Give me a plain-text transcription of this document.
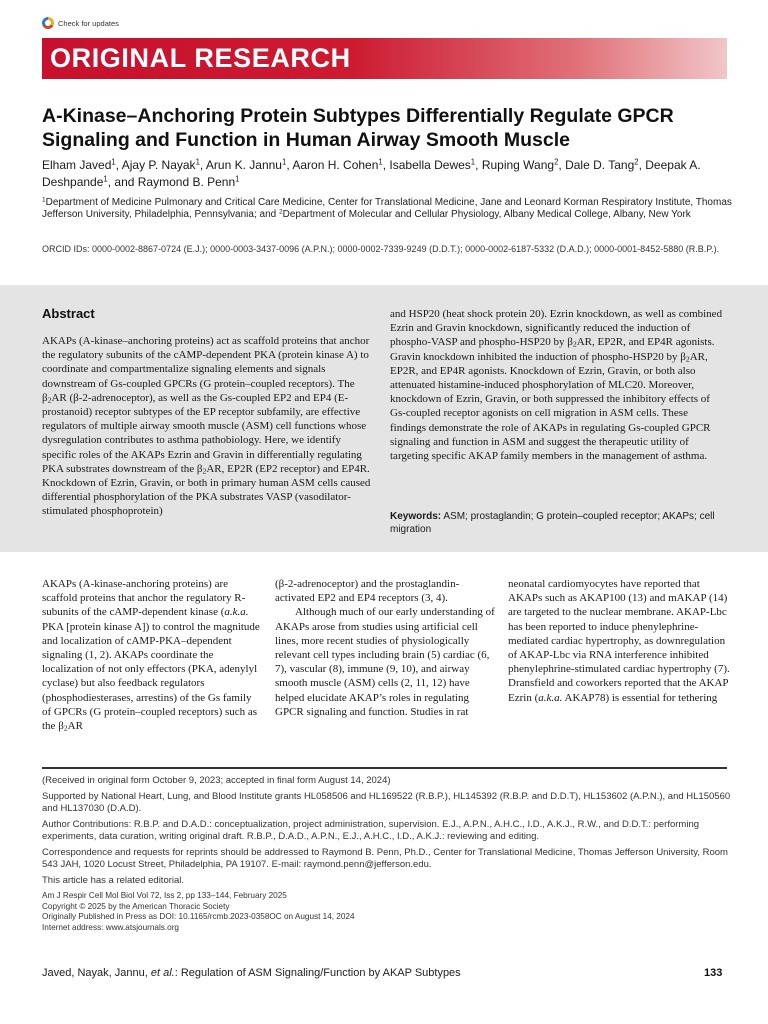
Check for updates
ORIGINAL RESEARCH
A-Kinase–Anchoring Protein Subtypes Differentially Regulate GPCR Signaling and Function in Human Airway Smooth Muscle
Elham Javed$^1$, Ajay P. Nayak$^1$, Arun K. Jannu$^1$, Aaron H. Cohen$^1$, Isabella Dewes$^1$, Ruping Wang$^2$, Dale D. Tang$^2$, Deepak A. Deshpande$^1$, and Raymond B. Penn$^1$
$^1$Department of Medicine Pulmonary and Critical Care Medicine, Center for Translational Medicine, Jane and Leonard Korman Respiratory Institute, Thomas Jefferson University, Philadelphia, Pennsylvania; and $^2$Department of Molecular and Cellular Physiology, Albany Medical College, Albany, New York
ORCID IDs: 0000-0002-8867-0724 (E.J.); 0000-0003-3437-0096 (A.P.N.); 0000-0002-7339-9249 (D.D.T.); 0000-0002-6187-5332 (D.A.D.); 0000-0001-8452-5880 (R.B.P.).
Abstract
AKAPs (A-kinase–anchoring proteins) act as scaffold proteins that anchor the regulatory subunits of the cAMP-dependent PKA (protein kinase A) to coordinate and compartmentalize signaling elements and signals downstream of Gs-coupled GPCRs (G protein–coupled receptors). The $\beta_2AR$ (β-2-adrenoceptor), as well as the Gs-coupled EP2 and EP4 (E-prostanoid) receptor subtypes of the EP receptor subfamily, are effective regulators of multiple airway smooth muscle (ASM) cell functions whose dysregulation contributes to asthma pathobiology. Here, we identify specific roles of the AKAPs Ezrin and Gravin in differentially regulating PKA substrates downstream of the $\beta_2AR$, EP2R (EP2 receptor) and EP4R. Knockdown of Ezrin, Gravin, or both in primary human ASM cells caused differential phosphorylation of the PKA substrates VASP (vasodilator-stimulated phosphoprotein)
and HSP20 (heat shock protein 20). Ezrin knockdown, as well as combined Ezrin and Gravin knockdown, significantly reduced the induction of phospho-VASP and phospho-HSP20 by $\beta_2AR$, EP2R, and EP4R agonists. Gravin knockdown inhibited the induction of phospho-HSP20 by $\beta_2AR$, EP2R, and EP4R agonists. Knockdown of Ezrin, Gravin, or both also attenuated histamine-induced phosphorylation of MLC20. Moreover, knockdown of Ezrin, Gravin, or both suppressed the inhibitory effects of Gs-coupled receptor agonists on cell migration in ASM cells. These findings demonstrate the role of AKAPs in regulating Gs-coupled GPCR signaling and function in ASM and suggest the therapeutic utility of targeting specific AKAP family members in the management of asthma.
Keywords: ASM; prostaglandin; G protein–coupled receptor; AKAPs; cell migration
AKAPs (A-kinase-anchoring proteins) are scaffold proteins that anchor the regulatory R-subunits of the cAMP-dependent kinase (a.k.a. PKA [protein kinase A]) to control the magnitude and localization of cAMP-PKA–dependent signaling (1, 2). AKAPs coordinate the localization of not only effectors (PKA, adenylyl cyclase) but also feedback regulators (phosphodiesterases, arrestins) of the Gs family of GPCRs (G protein–coupled receptors) such as the $\beta_2AR$
(β-2-adrenoceptor) and the prostaglandin-activated EP2 and EP4 receptors (3, 4).
Although much of our early understanding of AKAPs arose from studies using artificial cell lines, more recent studies of physiologically relevant cell types including brain (5) cardiac (6, 7), vascular (8), immune (9, 10), and airway smooth muscle (ASM) cells (2, 11, 12) have helped elucidate AKAP’s roles in regulating GPCR signaling and function. Studies in rat
neonatal cardiomyocytes have reported that AKAPs such as AKAP100 (13) and mAKAP (14) are targeted to the nuclear membrane. AKAP-Lbc has been reported to induce phenylephrine-mediated cardiac hypertrophy, as downregulation of AKAP-Lbc via RNA interference inhibited phenylephrine-stimulated cardiac hypertrophy (7). Dransfield and coworkers reported that the AKAP Ezrin (a.k.a. AKAP78) is essential for tethering

(Received in original form October 9, 2023; accepted in final form August 14, 2024)

Supported by National Heart, Lung, and Blood Institute grants HL058506 and HL169522 (R.B.P.), HL145392 (R.B.P. and D.D.T), HL153602 (A.P.N.), and HL150560 and HL137030 (D.A.D).

Author Contributions: R.B.P. and D.A.D.: conceptualization, project administration, supervision. E.J., A.P.N., A.H.C., I.D., A.K.J., R.W., and D.D.T.: performing experiments, data curation, writing original draft. R.B.P., D.A.D., A.P.N., E.J., A.H.C., I.D., A.K.J.: reviewing and editing.

Correspondence and requests for reprints should be addressed to Raymond B. Penn, Ph.D., Center for Translational Medicine, Thomas Jefferson University, Room 543 JAH, 1020 Locust Street, Philadelphia, PA 19107. E-mail: raymond.penn@jefferson.edu.

This article has a related editorial.

Am J Respir Cell Mol Biol Vol 72, Iss 2, pp 133–144, February 2025

Copyright © 2025 by the American Thoracic Society

Originally Published in Press as DOI: 10.1165/rcmb.2023-0358OC on August 14, 2024

Internet address: www.atsjournals.org

Javed, Nayak, Jannu, et al.: Regulation of ASM Signaling/Function by AKAP Subtypes	133
